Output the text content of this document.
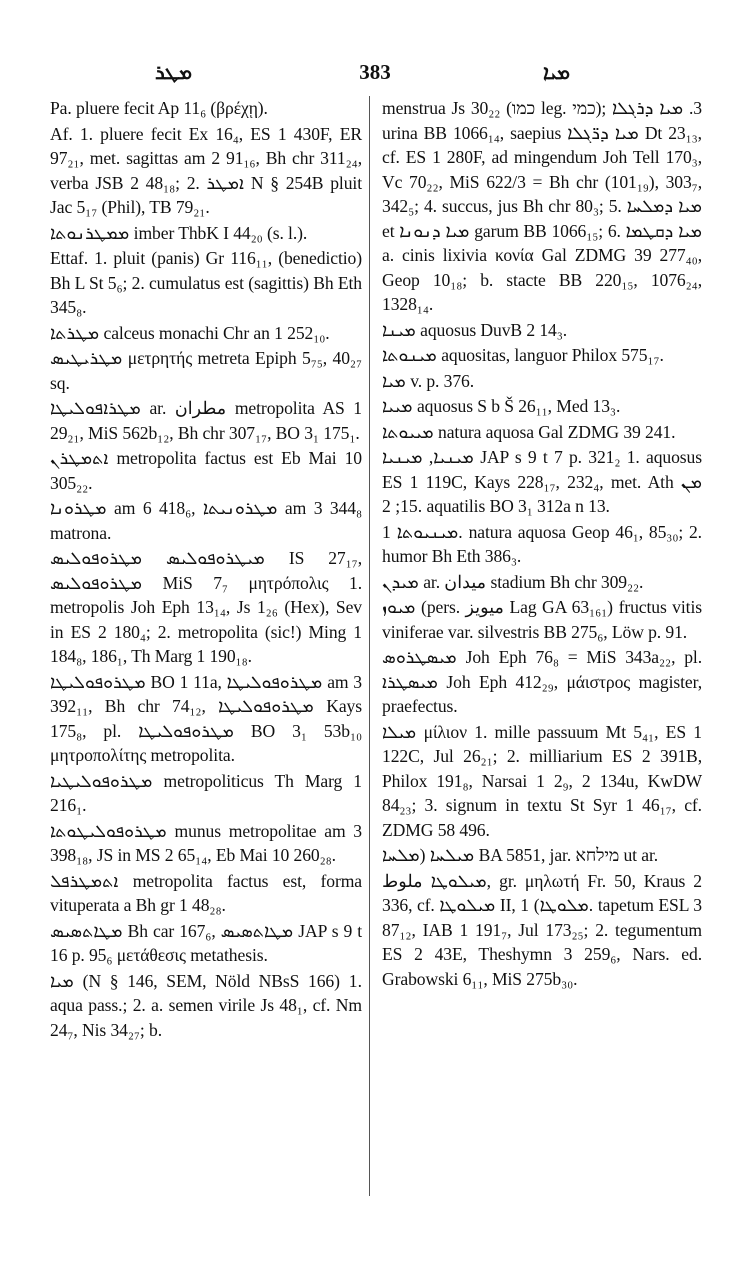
ܡܛܪ	383	ܡܝܐ

Pa. pluere fecit Ap 11₆ (βρέχῃ).

Af. 1. pluere fecit Ex 16₄, ES 1 430F, ER 97₂₁, met. sagittas am 2 91₁₆, Bh chr 311₂₄, verba JSB 2 48₁₈; 2. ܐܡܛܪ N § 254B pluit Jac 5₁₇ (Phil), TB 79₂₁.

ܡܡܛܪܢܘܬܐ imber ThbK I 44₂₀ (s. l.).

Ettaf. 1. pluit (panis) Gr 116₁₁, (benedictio) Bh L St 5₆; 2. cumulatus est (sagittis) Bh Eth 345₈.

ܡܛܪܬܐ calceus monachi Chr an 1 252₁₀.

ܡܛܪܝܛܝܣ μετρητής metreta Epiph 5₇₅, 40₂₇ sq.

ܡܛܪܐܦܘܠܝܛܐ ar. مطران metropolita AS 1 29₂₁, MiS 562b₁₂, Bh chr 307₁₇, BO 3₁ 175₁.

ܐܬܡܛܪܢ metropolita factus est Eb Mai 10 305₂₂.

ܡܛܪܘܢܐ am 6 418₆, ܡܛܪܘܢܝܬܐ am 3 344₈ matrona.

ܡܝܛܪܘܦܘܠܝܣ ܡܛܪܘܦܘܠܝܣ IS 27₁₇, ܡܛܪܘܦܘܠܝܣ MiS 7₇ μητρόπολις 1. metropolis Joh Eph 13₁₄, Js 1₂₆ (Hex), Sev in ES 2 180₄; 2. metropolita (sic!) Ming 1 184₈, 186₁, Th Marg 1 190₁₈.

ܡܛܪܘܦܘܠܝܛܐ BO 1 11a, ܡܛܪܘܦܘܠܝܛܐ am 3 392₁₁, Bh chr 74₁₂, ܡܛܪܘܦܘܠܝܛܐ Kays 175₈, pl. ܡܛܪܘܦܘܠܝܛܐ BO 3₁ 53b₁₀ μητροπολίτης metropolita.

ܡܛܪܘܦܘܠܝܛܝܐ metropoliticus Th Marg 1 216₁.

ܡܛܪܘܦܘܠܝܛܘܬܐ munus metropolitae am 3 398₁₈, JS in MS 2 65₁₄, Eb Mai 10 260₂₈.

ܐܬܡܛܪܦܠ metropolita factus est, forma vituperata a Bh gr 1 48₂₈.

ܡܛܐܬܣܝܣ Bh car 167₆, ܡܛܐܬܣܝܣ JAP s 9 t 16 p. 95₆ μετάθεσις metathesis.

ܡܝܐ (N § 146, SEM, Nöld NBsS 166) 1. aqua pass.; 2. a. semen virile Js 48₁, cf. Nm 24₇, Nis 34₂₇; b.

menstrua Js 30₂₂ (כמו leg. כמי); 3. ܡܝܐ ܕܪܓܠܐ urina BB 1066₁₄, saepius ܡܝܐ ܕܪ̈ܓܠܐ Dt 23₁₃, cf. ES 1 280F, ad mingendum Joh Tell 170₃, Vc 70₂₂, MiS 622/3 = Bh chr (101₁₉), 303₇, 342₅; 4. succus, jus Bh chr 80₃; 5. ܡܝܐ ܕܡܠܚܐ et ܡܝܐ ܕܢܘܢܐ garum BB 1066₁₅; 6. ܡܝܐ ܕܩܛܡܐ a. cinis lixivia κονία Gal ZDMG 39 277₄₀, Geop 10₁₈; b. stacte BB 220₁₅, 1076₂₄, 1328₁₄.

ܡܝܢܐ aquosus DuvB 2 14₃.

ܡܝܢܘܬܐ aquositas, languor Philox 575₁₇.

ܡܝܐ v. p. 376.

ܡܝܝܐ aquosus S b Š 26₁₁, Med 13₃.

ܡܝܝܘܬܐ natura aquosa Gal ZDMG 39 241.

ܡܝܢܝܐ, ܡܝܢܝܐ JAP s 9 t 7 p. 321₂ 1. aquosus ES 1 119C, Kays 228₁₇, 232₄, met. Ath ܡܢ 15; 2. aquatilis BO 3₁ 312a n 13.

ܡܝܢܝܘܬܐ 1. natura aquosa Geop 46₁, 85₃₀; 2. humor Bh Eth 386₃.

ܡܝܕܢ ar. ميدان stadium Bh chr 309₂₂.

ܡܝܘܙ (pers. ميويز Lag GA 63₁₆₁) fructus vitis viniferae var. silvestris BB 275₆, Löw p. 91.

ܡܝܣܛܪܘܣ Joh Eph 76₈ = MiS 343a₂₂, pl. ܡܝܣܛܪܐ Joh Eph 412₂₉, μάιστρος magister, praefectus.

ܡܝܠܐ μίλιον 1. mille passuum Mt 5₄₁, ES 1 122C, Jul 26₂₁; 2. milliarium ES 2 391B, Philox 191₈, Narsai 1 2₉, 2 134u, KwDW 84₂₃; 3. signum in textu St Syr 1 46₁₇, cf. ZDMG 58 496.

ܡܝܠܚܐ (ܡܠܚܐ BA 5851, jar. מילחא ut ar.

ܡܝܠܘܛܐ ملوط, gr. μηλωτή Fr. 50, Kraus 2 336, cf. ܡܝܠܘܛܐ II, ܡܠܘܛܐ) 1. tapetum ESL 3 87₁₂, IAB 1 191₇, Jul 173₂₅; 2. tegumentum ES 2 43E, Theshymn 3 259₆, Nars. ed. Grabowski 6₁₁, MiS 275b₃₀.
